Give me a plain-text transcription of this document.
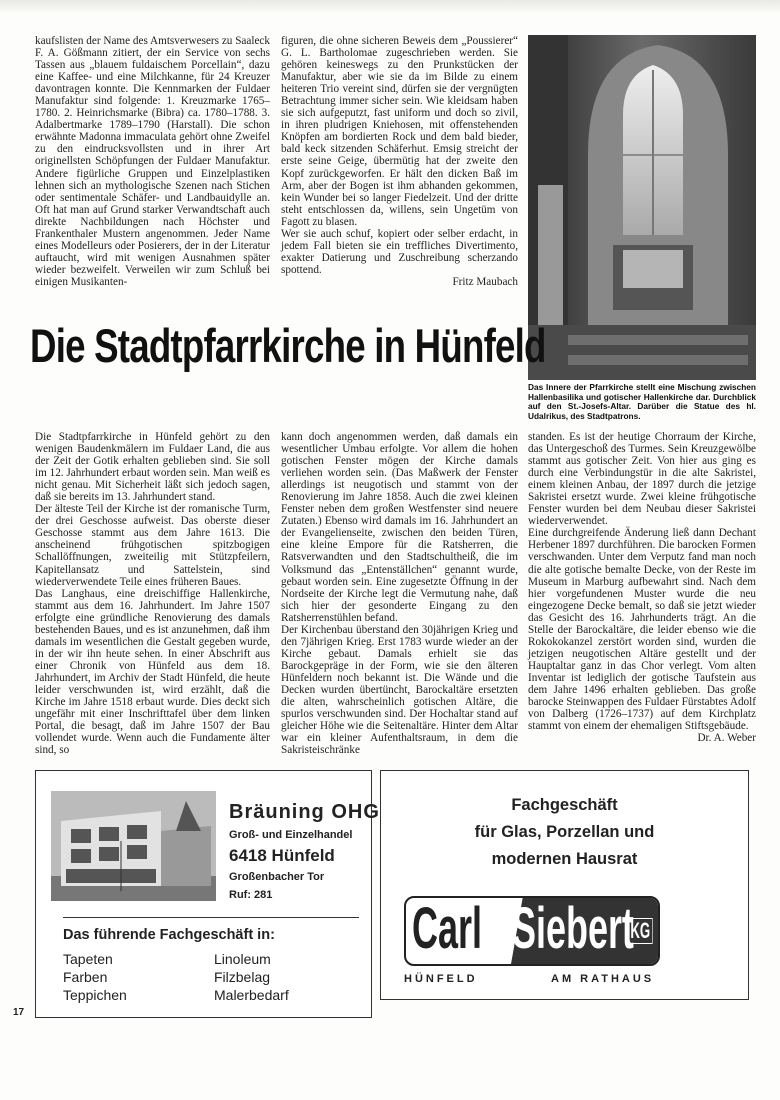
kaufslisten der Name des Amtsverwesers zu Saaleck F. A. Gößmann zitiert, der ein Service von sechs Tassen aus „blauem fuldaischem Porcellain“, dazu eine Kaffee- und eine Milchkanne, für 24 Kreuzer davontragen konnte. Die Kennmarken der Fuldaer Manufaktur sind folgende: 1. Kreuzmarke 1765–1780. 2. Heinrichsmarke (Bibra) ca. 1780–1788. 3. Adalbertmarke 1789–1790 (Harstall). Die schon erwähnte Madonna immaculata gehört ohne Zweifel zu den eindrucksvollsten und in ihrer Art originellsten Schöpfungen der Fuldaer Manufaktur. Andere figürliche Gruppen und Einzelplastiken lehnen sich an mythologische Szenen nach Stichen oder sentimentale Schäfer- und Landbauidylle an. Oft hat man auf Grund starker Verwandtschaft auch direkte Nachbildungen nach Höchster und Frankenthaler Mustern angenommen. Jeder Name eines Modelleurs oder Posierers, der in der Literatur auftaucht, wird mit wenigen Ausnahmen später wieder bezweifelt. Verweilen wir zum Schluß bei einigen Musikanten-

figuren, die ohne sicheren Beweis dem „Poussierer“ G. L. Bartholomae zugeschrieben werden. Sie gehören keineswegs zu den Prunkstücken der Manufaktur, aber wie sie da im Bilde zu einem heiteren Trio vereint sind, dürfen sie der vergnügten Betrachtung immer sicher sein. Wie kleidsam haben sie sich aufgeputzt, fast uniform und doch so zivil, in ihren pludrigen Kniehosen, mit offenstehenden Knöpfen am bordierten Rock und dem bald bieder, bald keck sitzenden Schäferhut. Emsig streicht der erste seine Geige, übermütig hat der zweite den Kopf zurückgeworfen. Er hält den dicken Baß im Arm, aber der Bogen ist ihm abhanden gekommen, kein Wunder bei so langer Fiedelzeit. Und der dritte steht entschlossen da, willens, sein Ungetüm von Fagott zu blasen.

Wer sie auch schuf, kopiert oder selber erdacht, in jedem Fall bieten sie ein treffliches Divertimento, exakter Datierung und Zuschreibung scherzando spottend.

Fritz Maubach

Die Stadtpfarrkirche in Hünfeld
Das Innere der Pfarrkirche stellt eine Mischung zwischen Hallenbasilika und gotischer Hallenkirche dar. Durchblick auf den St.-Josefs-Altar. Darüber die Statue des hl. Udalrikus, des Stadtpatrons.

Die Stadtpfarrkirche in Hünfeld gehört zu den wenigen Baudenkmälern im Fuldaer Land, die aus der Zeit der Gotik erhalten geblieben sind. Sie soll im 12. Jahrhundert erbaut worden sein. Man weiß es nicht genau. Mit Sicherheit läßt sich jedoch sagen, daß sie bereits im 13. Jahrhundert stand.

Der älteste Teil der Kirche ist der romanische Turm, der drei Geschosse aufweist. Das oberste dieser Geschosse stammt aus dem Jahre 1613. Die anscheinend frühgotischen spitzbogigen Schallöffnungen, zweiteilig mit Stützpfeilern, Kapitellansatz und Sattelstein, sind wiederverwendete Teile eines früheren Baues.

Das Langhaus, eine dreischiffige Hallenkirche, stammt aus dem 16. Jahrhundert. Im Jahre 1507 erfolgte eine gründliche Renovierung des damals bestehenden Baues, und es ist anzunehmen, daß ihm damals im wesentlichen die Gestalt gegeben wurde, in der wir ihn heute sehen. In einer Abschrift aus einer Chronik von Hünfeld aus dem 18. Jahrhundert, im Archiv der Stadt Hünfeld, die heute leider verschwunden ist, wird erzählt, daß die Kirche im Jahre 1518 erbaut wurde. Dies deckt sich ungefähr mit einer Inschrifttafel über dem linken Portal, die besagt, daß im Jahre 1507 der Bau vollendet wurde. Wenn auch die Fundamente älter sind, so

kann doch angenommen werden, daß damals ein wesentlicher Umbau erfolgte. Vor allem die hohen gotischen Fenster mögen der Kirche damals verliehen worden sein. (Das Maßwerk der Fenster allerdings ist neugotisch und stammt von der Renovierung im Jahre 1858. Auch die zwei kleinen Fenster neben dem großen Westfenster sind neuere Zutaten.) Ebenso wird damals im 16. Jahrhundert an der Evangelienseite, zwischen den beiden Türen, eine kleine Empore für die Ratsherren, die Ratsverwandten und den Stadtschultheiß, die im Volksmund das „Entenställchen“ genannt wurde, gebaut worden sein. Eine zugesetzte Öffnung in der Nordseite der Kirche legt die Vermutung nahe, daß sich hier der gesonderte Eingang zu den Ratsherrenstühlen befand.

Der Kirchenbau überstand den 30jährigen Krieg und den 7jährigen Krieg. Erst 1783 wurde wieder an der Kirche gebaut. Damals erhielt sie das Barockgepräge in der Form, wie sie den älteren Hünfeldern noch bekannt ist. Die Wände und die Decken wurden übertüncht, Barockaltäre ersetzten die alten, wahrscheinlich gotischen Altäre, die spurlos verschwunden sind. Der Hochaltar stand auf gleicher Höhe wie die Seitenaltäre. Hinter dem Altar war ein kleiner Aufenthaltsraum, in dem die Sakristeischränke

standen. Es ist der heutige Chorraum der Kirche, das Untergeschoß des Turmes. Sein Kreuzgewölbe stammt aus gotischer Zeit. Von hier aus ging es durch eine Verbindungstür in die alte Sakristei, einem kleinen Anbau, der 1897 durch die jetzige Sakristei ersetzt wurde. Zwei kleine frühgotische Fenster wurden bei dem Neubau dieser Sakristei wiederverwendet.

Eine durchgreifende Änderung ließ dann Dechant Herbener 1897 durchführen. Die barocken Formen verschwanden. Unter dem Verputz fand man noch die alte gotische bemalte Decke, von der Reste im Museum in Marburg aufbewahrt sind. Nach dem hier vorgefundenen Muster wurde die neu eingezogene Decke bemalt, so daß sie jetzt wieder das Gesicht des 16. Jahrhunderts trägt. An die Stelle der Barockaltäre, die leider ebenso wie die Rokokokanzel zerstört worden sind, wurden die jetzigen neugotischen Altäre gestellt und der Hauptaltar ganz in das Chor verlegt. Vom alten Inventar ist lediglich der gotische Taufstein aus dem Jahre 1496 erhalten geblieben. Das große barocke Steinwappen des Fuldaer Fürstabtes Adolf von Dalberg (1726–1737) auf dem Kirchplatz stammt von einem der ehemaligen Stiftsgebäude.

Dr. A. Weber

Bräuning OHG
Groß- und Einzelhandel
6418 Hünfeld
Großenbacher Tor
Ruf: 281
Das führende Fachgeschäft in:
Tapeten
Farben
Teppichen
Linoleum
Filzbelag
Malerbedarf
Fachgeschäft
für Glas, Porzellan und
modernen Hausrat
Carl Siebert
KG
HÜNFELD	AM RATHAUS
17
